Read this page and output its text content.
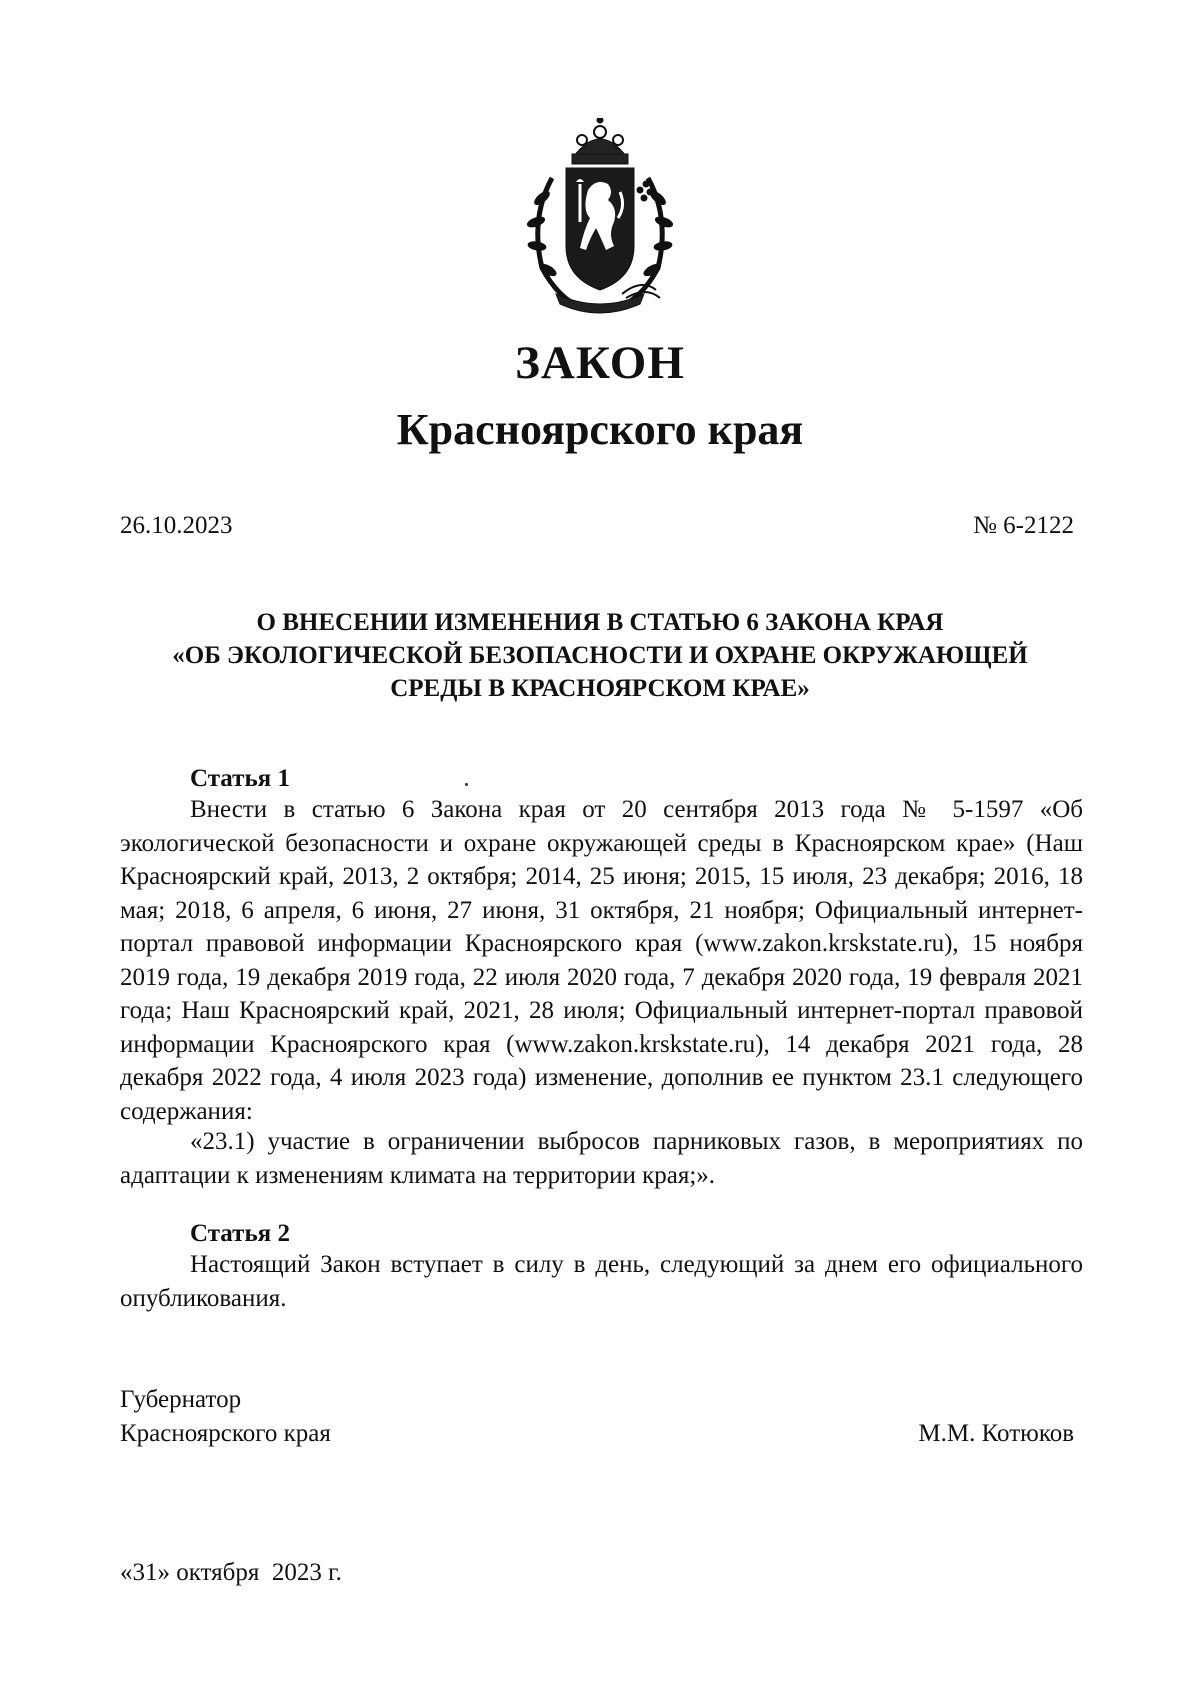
ЗАКОН
Красноярского края
26.10.2023	№ 6-2122
О ВНЕСЕНИИ ИЗМЕНЕНИЯ В СТАТЬЮ 6 ЗАКОНА КРАЯ
«ОБ ЭКОЛОГИЧЕСКОЙ БЕЗОПАСНОСТИ И ОХРАНЕ ОКРУЖАЮЩЕЙ
СРЕДЫ В КРАСНОЯРСКОМ КРАЕ»
Статья 1

Внести в статью 6 Закона края от 20 сентября 2013 года № 5-1597 «Об экологической безопасности и охране окружающей среды в Красноярском крае» (Наш Красноярский край, 2013, 2 октября; 2014, 25 июня; 2015, 15 июля, 23 декабря; 2016, 18 мая; 2018, 6 апреля, 6 июня, 27 июня, 31 октября, 21 ноября; Официальный интернет-портал правовой информации Красноярского края (www.zakon.krskstate.ru), 15 ноября 2019 года, 19 декабря 2019 года, 22 июля 2020 года, 7 декабря 2020 года, 19 февраля 2021 года; Наш Красноярский край, 2021, 28 июля; Официальный интернет-портал правовой информации Красноярского края (www.zakon.krskstate.ru), 14 декабря 2021 года, 28 декабря 2022 года, 4 июля 2023 года) изменение, дополнив ее пунктом 23.1 следующего содержания:

«23.1) участие в ограничении выбросов парниковых газов, в мероприятиях по адаптации к изменениям климата на территории края;».

Статья 2

Настоящий Закон вступает в силу в день, следующий за днем его официального опубликования.

Губернатор
Красноярского края	М.М. Котюков
«31» октября  2023 г.
